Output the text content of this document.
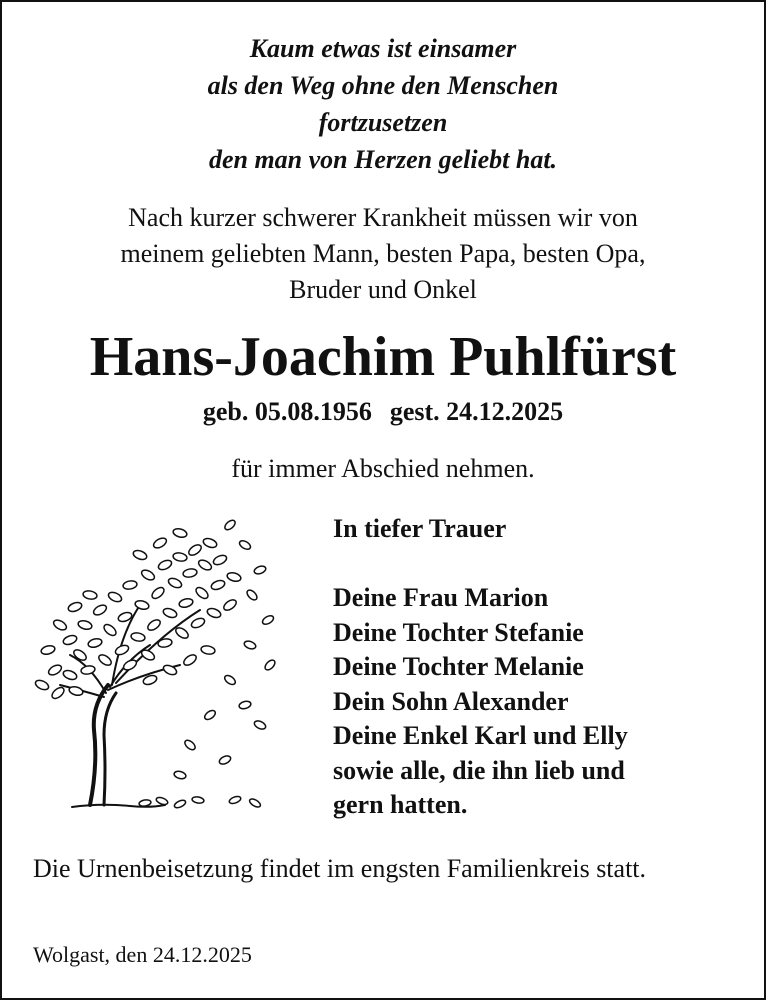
Kaum etwas ist einsamer
als den Weg ohne den Menschen
fortzusetzen
den man von Herzen geliebt hat.
Nach kurzer schwerer Krankheit müssen wir von
meinem geliebten Mann, besten Papa, besten Opa,
Bruder und Onkel
Hans-Joachim Puhlfürst
geb. 05.08.1956 gest. 24.12.2025
für immer Abschied nehmen.
In tiefer Trauer
Deine Frau Marion
Deine Tochter Stefanie
Deine Tochter Melanie
Dein Sohn Alexander
Deine Enkel Karl und Elly
sowie alle, die ihn lieb und
gern hatten.
Die Urnenbeisetzung findet im engsten Familienkreis statt.
Wolgast, den 24.12.2025
